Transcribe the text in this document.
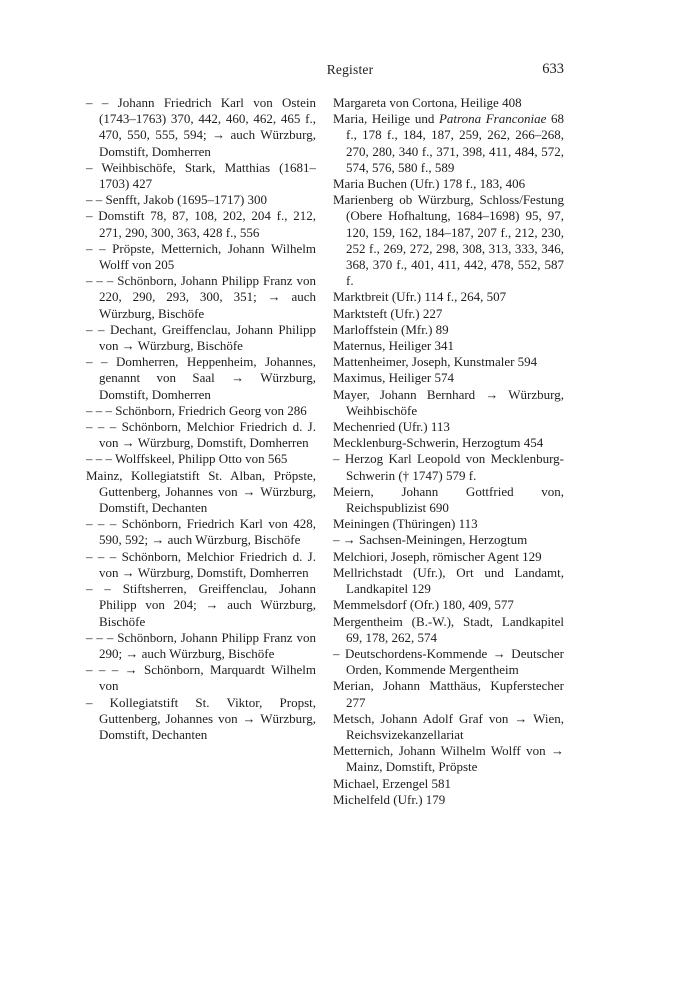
Register	633

– – Johann Friedrich Karl von Ostein (1743–1763) 370, 442, 460, 462, 465 f., 470, 550, 555, 594; → auch Würzburg, Domstift, Domherren

– Weihbischöfe, Stark, Matthias (1681–1703) 427

– – Senfft, Jakob (1695–1717) 300

– Domstift 78, 87, 108, 202, 204 f., 212, 271, 290, 300, 363, 428 f., 556

– – Pröpste, Metternich, Johann Wilhelm Wolff von 205

– – – Schönborn, Johann Philipp Franz von 220, 290, 293, 300, 351; → auch Würzburg, Bischöfe

– – Dechant, Greiffenclau, Johann Philipp von → Würzburg, Bischöfe

– – Domherren, Heppenheim, Johannes, genannt von Saal → Würzburg, Domstift, Domherren

– – – Schönborn, Friedrich Georg von 286

– – – Schönborn, Melchior Friedrich d. J. von → Würzburg, Domstift, Domherren

– – – Wolffskeel, Philipp Otto von 565

Mainz, Kollegiatstift St. Alban, Pröpste, Guttenberg, Johannes von → Würzburg, Domstift, Dechanten

– – – Schönborn, Friedrich Karl von 428, 590, 592; → auch Würzburg, Bischöfe

– – – Schönborn, Melchior Friedrich d. J. von → Würzburg, Domstift, Domherren

– – Stiftsherren, Greiffenclau, Johann Philipp von 204; → auch Würzburg, Bischöfe

– – – Schönborn, Johann Philipp Franz von 290; → auch Würzburg, Bischöfe

– – – → Schönborn, Marquardt Wilhelm von

– Kollegiatstift St. Viktor, Propst, Guttenberg, Johannes von → Würzburg, Domstift, Dechanten

Margareta von Cortona, Heilige 408

Maria, Heilige und Patrona Franconiae 68 f., 178 f., 184, 187, 259, 262, 266–268, 270, 280, 340 f., 371, 398, 411, 484, 572, 574, 576, 580 f., 589

Maria Buchen (Ufr.) 178 f., 183, 406

Marienberg ob Würzburg, Schloss/Festung (Obere Hofhaltung, 1684–1698) 95, 97, 120, 159, 162, 184–187, 207 f., 212, 230, 252 f., 269, 272, 298, 308, 313, 333, 346, 368, 370 f., 401, 411, 442, 478, 552, 587 f.

Marktbreit (Ufr.) 114 f., 264, 507

Marktsteft (Ufr.) 227

Marloffstein (Mfr.) 89

Maternus, Heiliger 341

Mattenheimer, Joseph, Kunstmaler 594

Maximus, Heiliger 574

Mayer, Johann Bernhard → Würzburg, Weihbischöfe

Mechenried (Ufr.) 113

Mecklenburg-Schwerin, Herzogtum 454

– Herzog Karl Leopold von Mecklenburg-Schwerin († 1747) 579 f.

Meiern, Johann Gottfried von, Reichspublizist 690

Meiningen (Thüringen) 113

– → Sachsen-Meiningen, Herzogtum

Melchiori, Joseph, römischer Agent 129

Mellrichstadt (Ufr.), Ort und Landamt, Landkapitel 129

Memmelsdorf (Ofr.) 180, 409, 577

Mergentheim (B.-W.), Stadt, Landkapitel 69, 178, 262, 574

– Deutschordens-Kommende → Deutscher Orden, Kommende Mergentheim

Merian, Johann Matthäus, Kupferstecher 277

Metsch, Johann Adolf Graf von → Wien, Reichsvizekanzellariat

Metternich, Johann Wilhelm Wolff von → Mainz, Domstift, Pröpste

Michael, Erzengel 581

Michelfeld (Ufr.) 179
